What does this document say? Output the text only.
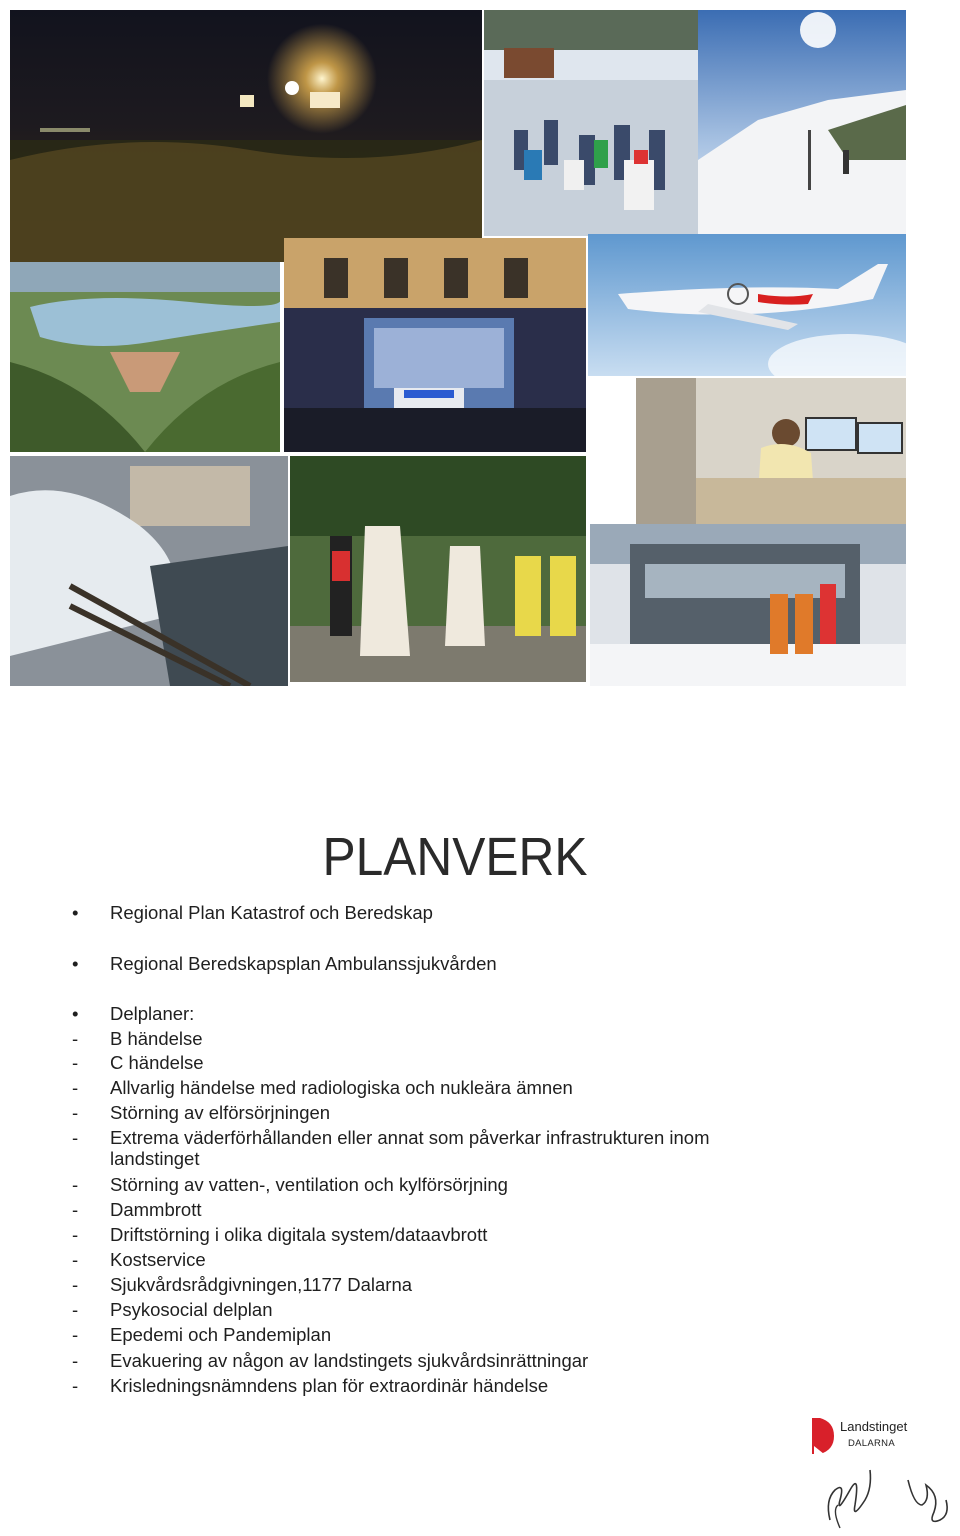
PLANVERK
• Regional Plan Katastrof och Beredskap
• Regional Beredskapsplan Ambulanssjukvården
• Delplaner:
- B händelse
- C händelse
- Allvarlig händelse med radiologiska och nukleära ämnen
- Störning av elförsörjningen
- Extrema väderförhållanden eller annat som påverkar infrastrukturen inom
landstinget
- Störning av vatten-, ventilation och kylförsörjning
- Dammbrott
- Driftstörning i olika digitala system/dataavbrott
- Kostservice
- Sjukvårdsrådgivningen,1177 Dalarna
- Psykosocial delplan
- Epedemi och Pandemiplan
- Evakuering av någon av landstingets sjukvårdsinrättningar
- Krisledningsnämndens plan för extraordinär händelse
Landstinget
DALARNA
